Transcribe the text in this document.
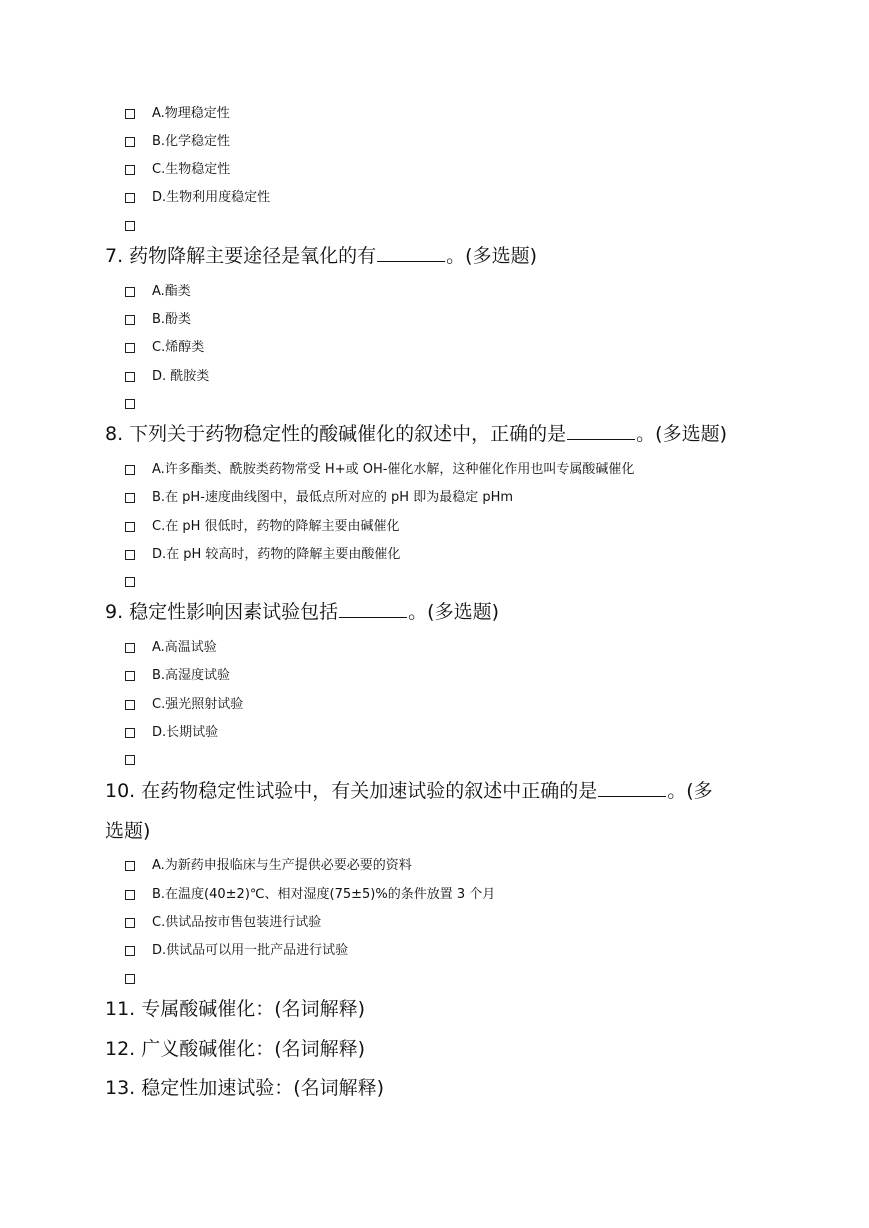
A.物理稳定性
B.化学稳定性
C.生物稳定性
D.生物利用度稳定性
7. 药物降解主要途径是氧化的有	。(多选题)
A.酯类
B.酚类
C.烯醇类
D. 酰胺类
8. 下列关于药物稳定性的酸碱催化的叙述中，正确的是	。(多选题)
A.许多酯类、酰胺类药物常受 H+或 OH-催化水解，这种催化作用也叫专属酸碱催化
B.在 pH-速度曲线图中，最低点所对应的 pH 即为最稳定 pHm
C.在 pH 很低时，药物的降解主要由碱催化
D.在 pH 较高时，药物的降解主要由酸催化
9. 稳定性影响因素试验包括	。(多选题)
A.高温试验
B.高湿度试验
C.强光照射试验
D.长期试验
10. 在药物稳定性试验中，有关加速试验的叙述中正确的是	。(多
选题)
A.为新药申报临床与生产提供必要必要的资料
B.在温度(40±2)℃、相对湿度(75±5)%的条件放置 3 个月
C.供试品按市售包装进行试验
D.供试品可以用一批产品进行试验
11. 专属酸碱催化：(名词解释)
12. 广义酸碱催化：(名词解释)
13. 稳定性加速试验：(名词解释)
